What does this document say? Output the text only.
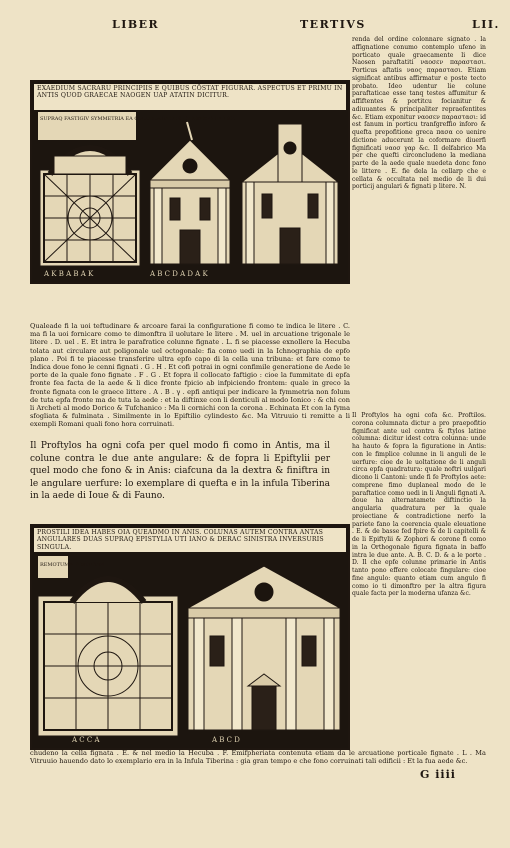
LIBER	TERTIVS	LII.
EXAEDIUM SACRARU PRINCIPIIS E QUIBUS CŌSTAT FIGURAR. ASPECTUS ET PRIMU IN ANTIS QUOD GRAECAE NAOGEN UAP ATATIN DICITUR.
A K B A B A K
SUPRAQ FASTIGIV SYMMETRIA EA COLLOCATU QUE CV DETRVS IN TER.
A B C D A D A K
renda del ordine colonnare signato . la affignatione conumo contemplo ufeno in porticato quale graecamente li dice Naosen paraftatiti ναοσεν παραστασι. Porticus aftatis ναος παραστασι. Etiam significat antibus affirmatur e poste tecto probato. Ideo udentur lie colune paraftaticae esse tanq testes affumitur & affiftentes & portitcu focianitur & adiuuantes & principaliter repraefentites &c. Etiam exponitur ναοσεν παραστασι: id est fanum in porticu tranfgreffio inforo & quefta prepofitione greca πασα co uenire dictione aducerunt la coformare diuerfi fignificati ναοσ γαρ &c. Il delfabrico Ma per che quefti circoncludeno la mediana parte de la aede quale nuedeta donc fono le littere . E. fie dela la cellarp che e cellata & occultata nel medio de li dui porticij angulari & fignati p litere. N.
Qualeade fi la uoi teftudinare & arcoare farai la configuratione fi como te indica le litere . C. ma fi la uoi fornicare como te dimonftra il uolutare le litere . M. uel in arcuatione trigonale le litere . D. uel . E. Et intra le parafratice colunne fignate . L. fi se piacesse exnollere la Hecuba tolata aut circulare aut poligonale uel octogonale: fia como uedi in la Ichnographia de epfo plano . Poi fi te piacesse transferire ultra epfo capo di la cella una tribuna: et fare como te Indica doue fono le cenni fignati . G . H . Et cofi potrai in ogni confimile generatione de Aede le porte de la quale fono fignate . F . G . Et fopra il collocato faftigio : cioe la fummitate di epfa fronte fea facta de la aede & li dice fronte fpicio ab infpiciendo frontem: quale in greco la fronte fignata con le graece littere . A . B . γ . epfi antiqui per indicare la fymmetria non folum de tuta epfa fronte ma de tuta la aede : et la diftinxe con li denticuli al modo Ionico : & chi con li Archeti al modo Dorico & Tufchanico : Ma li cornichi con la corona . Echinata Et con la fyma sfogliata & fulminata . Similmente in lo Epiftilio cylindesto &c. Ma Vitruuio ti remitte a li exempli Romani quali fono hora corruinati.
Il Proftylos ha ogni cofa per quel modo fi como in Antis, ma il colune contra le due ante angulare: & de fopra li Epiftylii per quel modo che fono & in Anis: ciafcuna da la dextra & finiftra in le angulare uerfure: lo exemplare di quefta e in la infula Tiberina in la aede di Ioue & di Fauno.
Il Proftylos ha ogni cofa &c. Proftilos. corona columnata dictur a pro praepofitio fignificat ante uel contra & ftylos latine columna: dicitur idest cotra colunna: unde ha hauto & fopra la figuratione in Antis: con le fimplice colunne in li anguli de le uerfure: cioe de le uoltatione de li anguli circa epfa quadratura: quale noftri uulgari dicono li Cantoni: unde fi fe Proftylos aete: comprene fimo duplaneal modo de le paraftatice como uedi in li Anguli fignati A. doue ha alternatamete diftinctio la angularia quadratura per la quale proiectiane & contradictione nerfo la pariete fano la coerencia quale eleuatione . E. & de basse fed fpire & de li capitelli & de li Epiftylii & Zophori & corone fi como in la Orthogonale figura fignata in baffo intra le due ante. A. B. C. D. & a le porte . D. Il che epfe colunne primarie in Antis tanto pono effere colocate fingulare: cioe fine angulo: quanto etiam cum angulo fi como io ti dimonftro per la altra figura quale facta per la moderna ufanza &c.
PROSTILI IDEA HABES OIA QUEADMO IN ANIS. COLUNAS AUTEM CONTRA ANTAS ANGULARES DUAS SUPRAQ EPISTYLIA UTI IANO & DERAC SINISTRA INVERSURIS SINGULA.
REMOTUMA POSTICUM
A C C A	A B C D
chudeno la cella fignata . E. & nel medio la Hecuba . F. Emifpheriata contenuta etiam da le arcuatione porticale fignate . L . Ma Vitruuio hauendo dato lo exemplario era in la Infula Tiberina : gia gran tempo e che fono corruinati tali edificii : Et la fua aede &c.
G iiii
